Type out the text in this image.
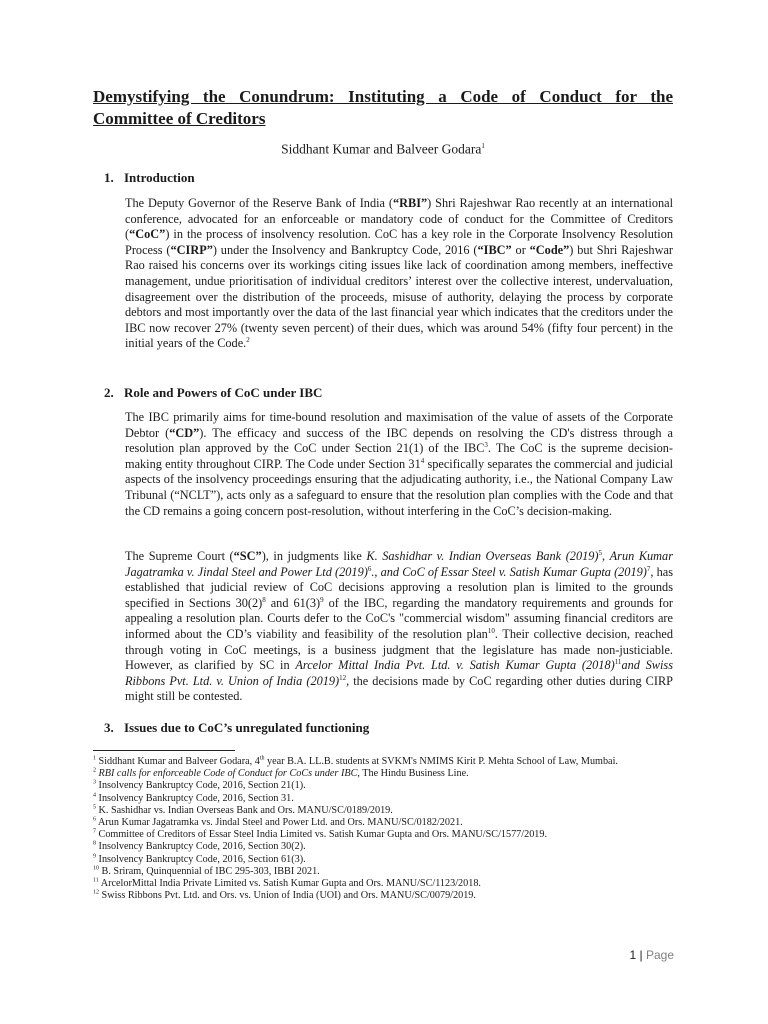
Demystifying the Conundrum: Instituting a Code of Conduct for the Committee of Creditors
Siddhant Kumar and Balveer Godara$^1$
1. Introduction
The Deputy Governor of the Reserve Bank of India (“RBI”) Shri Rajeshwar Rao recently at an international conference, advocated for an enforceable or mandatory code of conduct for the Committee of Creditors (“CoC”) in the process of insolvency resolution. CoC has a key role in the Corporate Insolvency Resolution Process (“CIRP”) under the Insolvency and Bankruptcy Code, 2016 (“IBC” or “Code”) but Shri Rajeshwar Rao raised his concerns over its workings citing issues like lack of coordination among members, ineffective management, undue prioritisation of individual creditors’ interest over the collective interest, undervaluation, disagreement over the distribution of the proceeds, misuse of authority, delaying the process by corporate debtors and most importantly over the data of the last financial year which indicates that the creditors under the IBC now recover 27% (twenty seven percent) of their dues, which was around 54% (fifty four percent) in the initial years of the Code.$^2$
2. Role and Powers of CoC under IBC
The IBC primarily aims for time-bound resolution and maximisation of the value of assets of the Corporate Debtor (“CD”). The efficacy and success of the IBC depends on resolving the CD's distress through a resolution plan approved by the CoC under Section 21(1) of the IBC$^3$. The CoC is the supreme decision-making entity throughout CIRP. The Code under Section $31^4$ specifically separates the commercial and judicial aspects of the insolvency proceedings ensuring that the adjudicating authority, i.e., the National Company Law Tribunal (“NCLT”), acts only as a safeguard to ensure that the resolution plan complies with the Code and that the CD remains a going concern post-resolution, without interfering in the CoC’s decision-making.
The Supreme Court (“SC”), in judgments like K. Sashidhar v. Indian Overseas Bank $(2019)^5$, Arun Kumar Jagatramka v. Jindal Steel and Power Ltd $(2019)^6$., and CoC of Essar Steel v. Satish Kumar Gupta $(2019)^7$, has established that judicial review of CoC decisions approving a resolution plan is limited to the grounds specified in Sections $30(2)^8$ and $61(3)^9$ of the IBC, regarding the mandatory requirements and grounds for appealing a resolution plan. Courts defer to the CoC's "commercial wisdom" assuming financial creditors are informed about the CD’s viability and feasibility of the resolution plan$^{10}$. Their collective decision, reached through voting in CoC meetings, is a business judgment that the legislature has made non-justiciable. However, as clarified by SC in Arcelor Mittal India Pvt. Ltd. v. Satish Kumar Gupta $(2018)^{11}and$ Swiss Ribbons Pvt. Ltd. v. Union of India $(2019)^{12}$, the decisions made by CoC regarding other duties during CIRP might still be contested.
3. Issues due to CoC’s unregulated functioning

$^1$ Siddhant Kumar and Balveer Godara, 4th year B.A. LL.B. students at SVKM's NMIMS Kirit P. Mehta School of Law, Mumbai.

$^2$ RBI calls for enforceable Code of Conduct for CoCs under IBC, The Hindu Business Line.

$^3$ Insolvency Bankruptcy Code, 2016, Section 21(1).

$^4$ Insolvency Bankruptcy Code, 2016, Section 31.

$^5$ K. Sashidhar vs. Indian Overseas Bank and Ors. MANU/SC/0189/2019.

$^6$ Arun Kumar Jagatramka vs. Jindal Steel and Power Ltd. and Ors. MANU/SC/0182/2021.

$^7$ Committee of Creditors of Essar Steel India Limited vs. Satish Kumar Gupta and Ors. MANU/SC/1577/2019.

$^8$ Insolvency Bankruptcy Code, 2016, Section 30(2).

$^9$ Insolvency Bankruptcy Code, 2016, Section 61(3).

$^{10}$ B. Sriram, Quinquennial of IBC 295-303, IBBI 2021.

$^{11}$ ArcelorMittal India Private Limited vs. Satish Kumar Gupta and Ors. MANU/SC/1123/2018.

$^{12}$ Swiss Ribbons Pvt. Ltd. and Ors. vs. Union of India (UOI) and Ors. MANU/SC/0079/2019.

1 | Page
